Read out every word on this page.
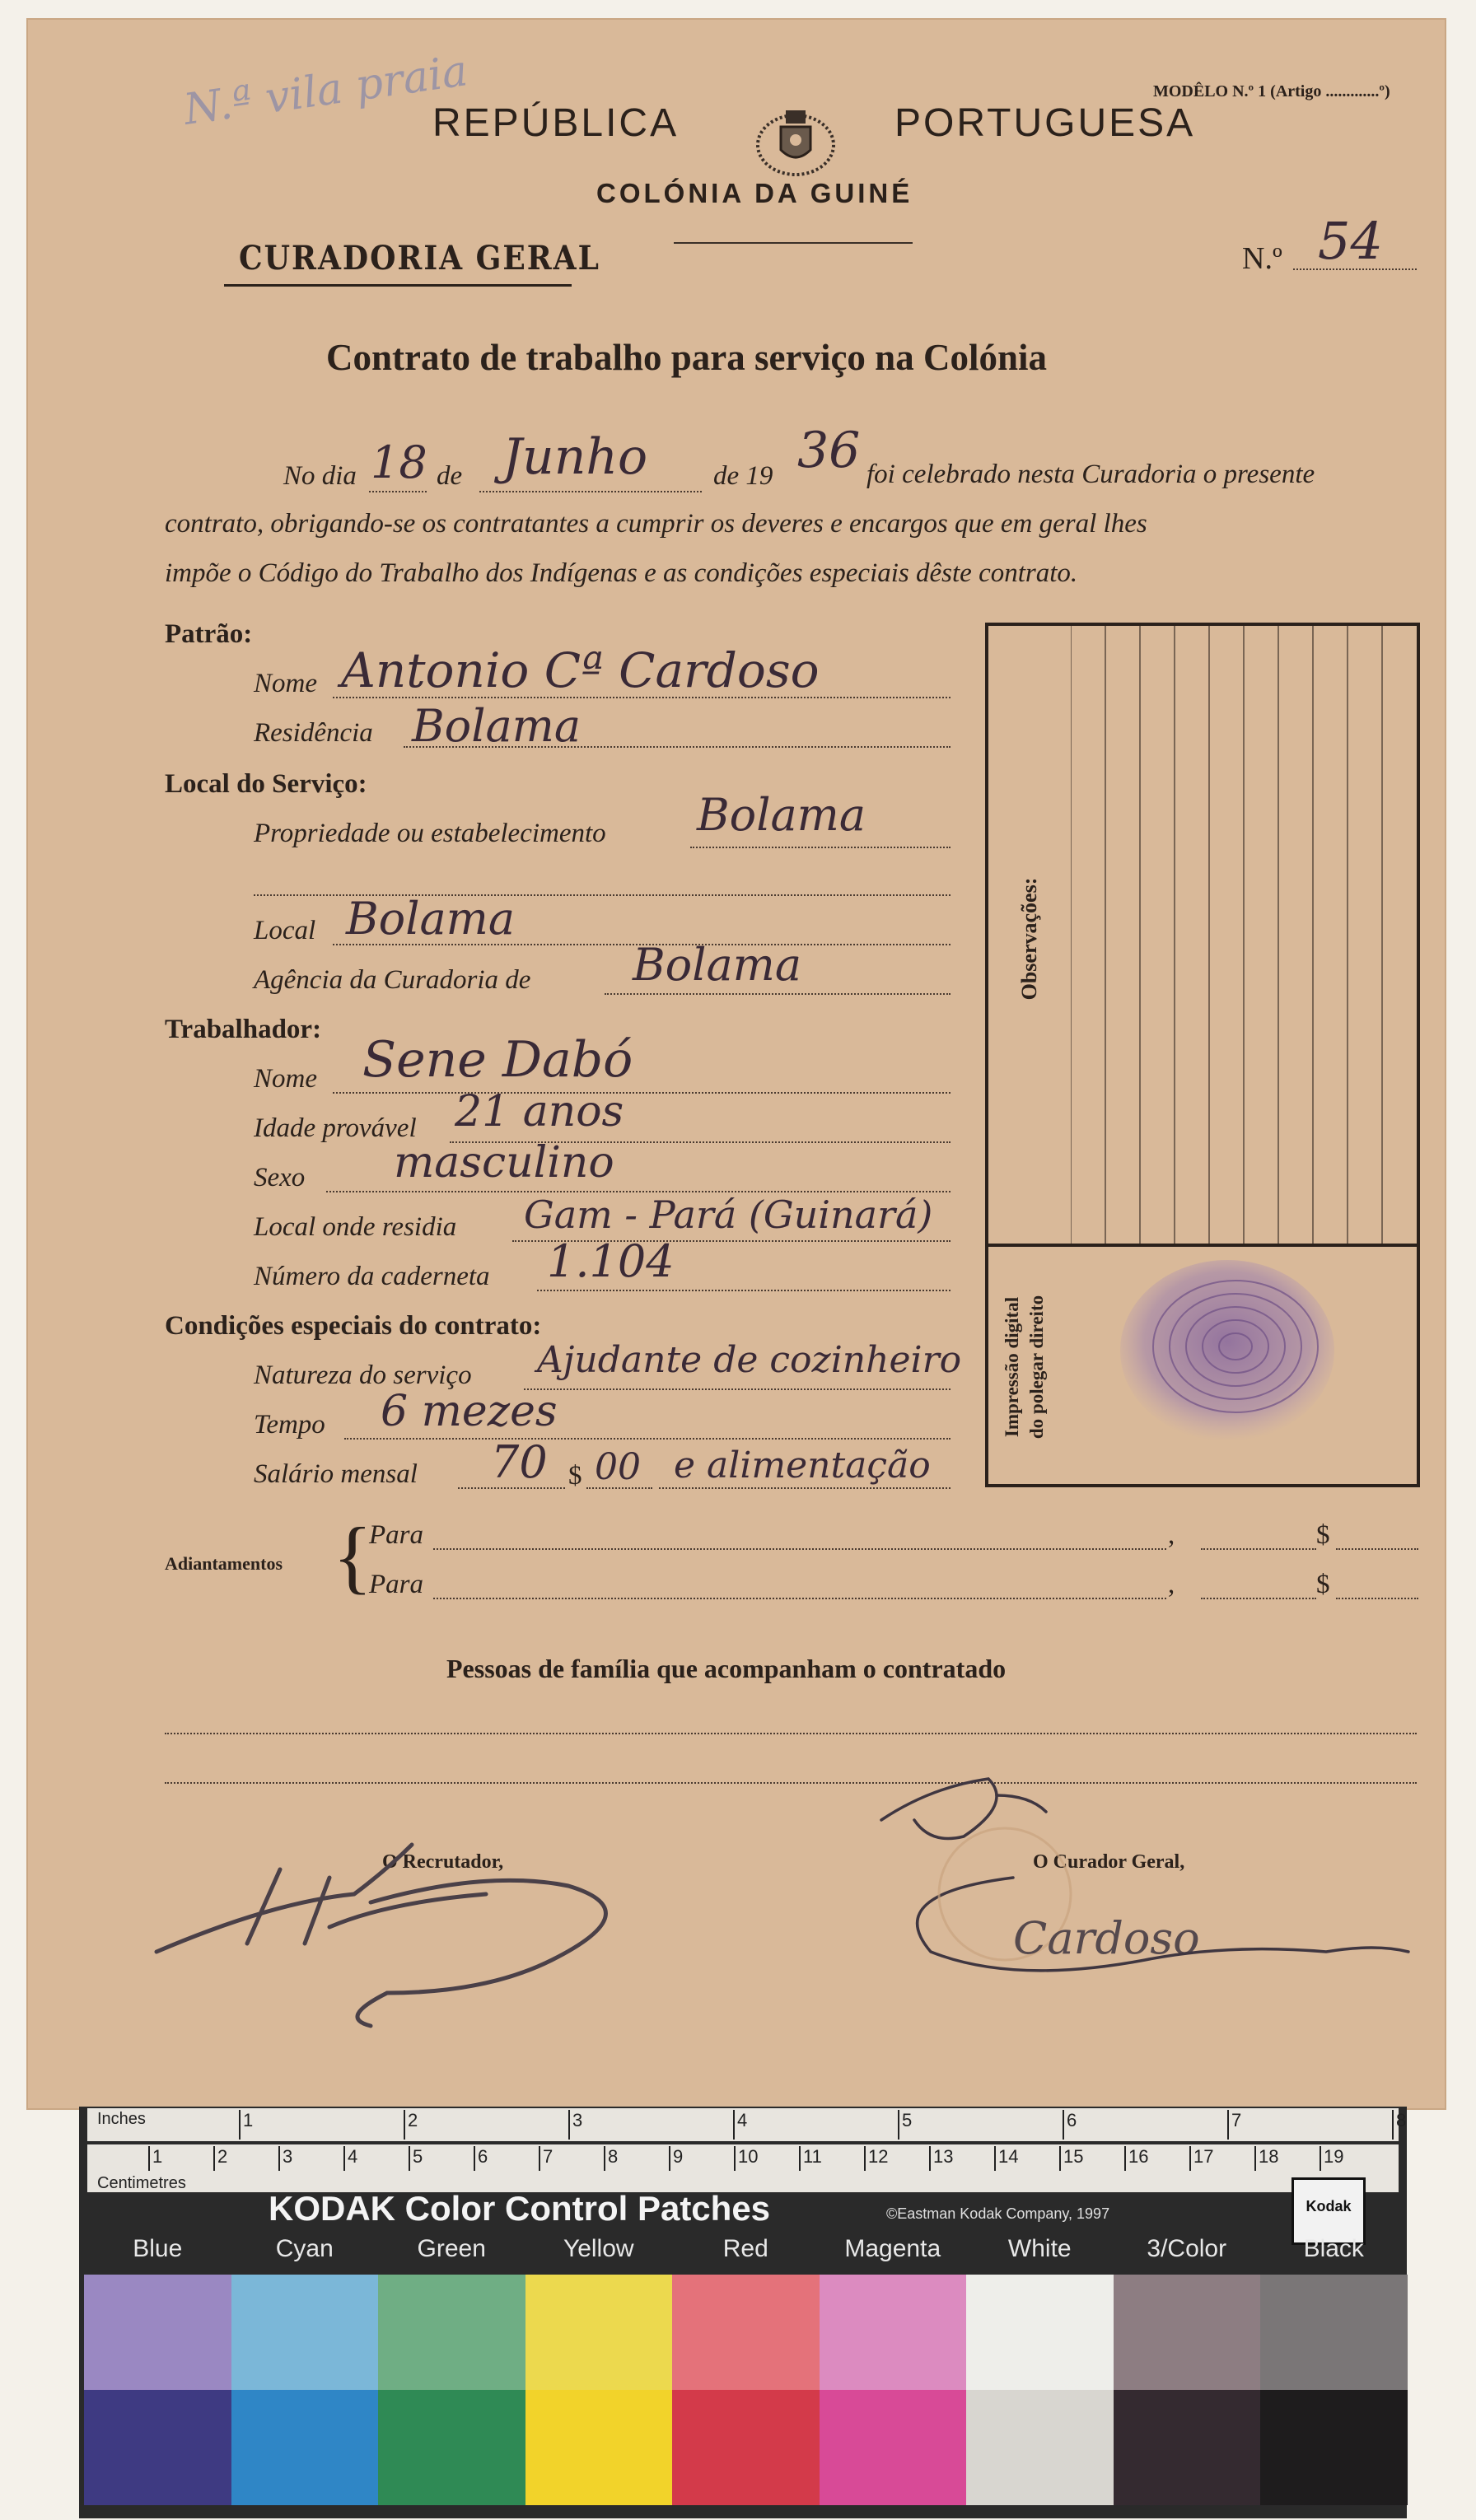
N.ª vila praia
REPÚBLICA	PORTUGUESA
MODÊLO N.º 1 (Artigo .............º)
COLÓNIA DA GUINÉ
CURADORIA GERAL	N.º 54
Contrato de trabalho para serviço na Colónia
No dia 18 de Junho de 19 36 foi celebrado nesta Curadoria o presente
contrato, obrigando-se os contratantes a cumprir os deveres e encargos que em geral lhes
impõe o Código do Trabalho dos Indígenas e as condições especiais dêste contrato.
Patrão:
Nome Antonio Cª Cardoso
Residência Bolama
Local do Serviço:
Propriedade ou estabelecimento Bolama
Local Bolama
Agência da Curadoria de Bolama
Trabalhador:
Nome Sene Dabó
Idade provável 21 anos
Sexo masculino
Local onde residia Gam - Pará (Guinará)
Número da caderneta 1.104
Condições especiais do contrato:
Natureza do serviço Ajudante de cozinheiro
Tempo 6 mezes
Salário mensal 70 $ 00 e alimentação
Adiantamentos {
Para	,	$
Para	,	$
Observações:
Impressão digital do polegar direito
Pessoas de família que acompanham o contratado
O Recrutador,	O Curador Geral,
Cardoso
Inches
Centimetres
1	2	3	4	5	6	7	8
1	2	3	4	5	6	7	8	9	10 11	12 13 14 15 16 17 18 19
KODAK Color Control Patches	©Eastman Kodak Company, 1997	Kodak
Blue	Cyan	Green	Yellow	Red	Magenta	White	3/Color	Black
